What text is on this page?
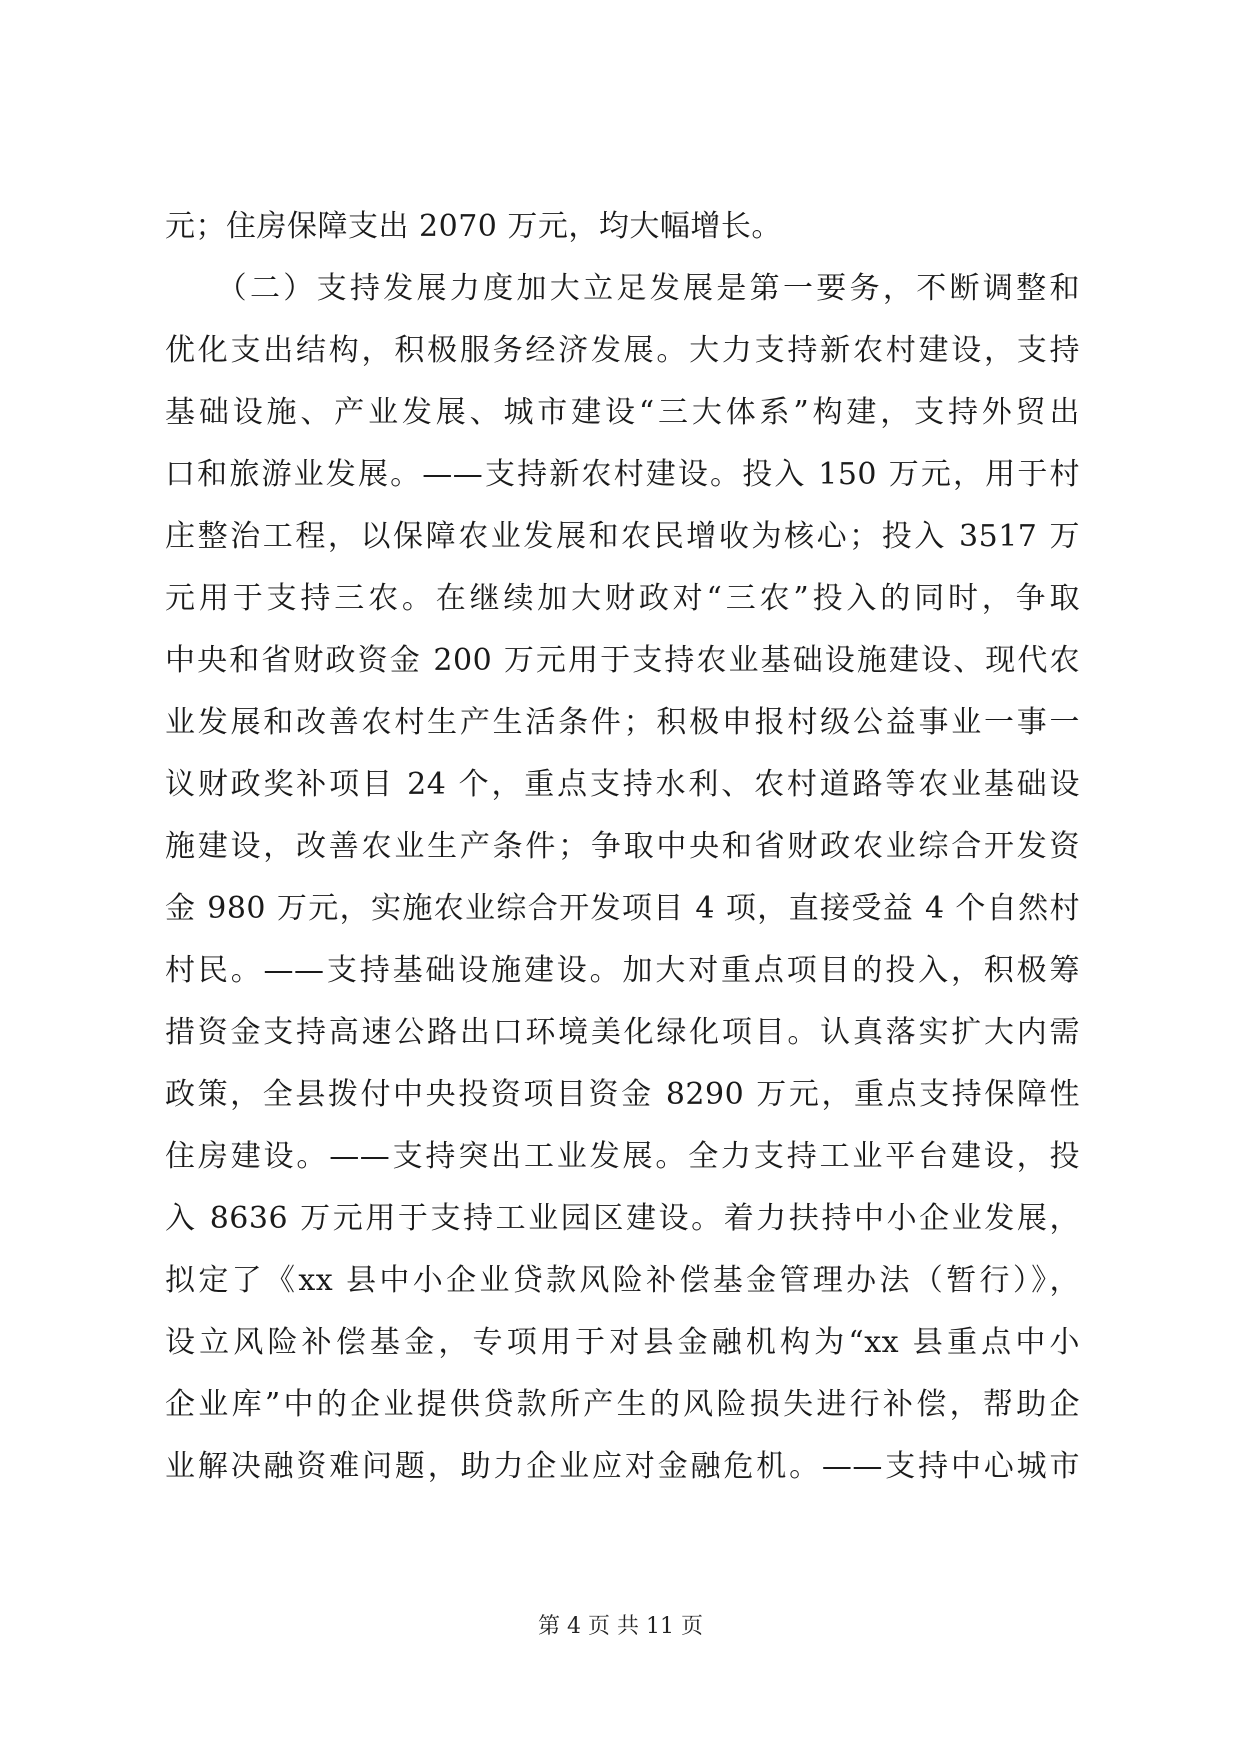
元；住房保障支出 2070 万元，均大幅增长。
　　（二）支持发展力度加大立足发展是第一要务，不断调整和
优化支出结构，积极服务经济发展。大力支持新农村建设，支持
基础设施、产业发展、城市建设“三大体系”构建，支持外贸出
口和旅游业发展。——支持新农村建设。投入 150 万元，用于村
庄整治工程，以保障农业发展和农民增收为核心；投入 3517 万
元用于支持三农。在继续加大财政对“三农”投入的同时，争取
中央和省财政资金 200 万元用于支持农业基础设施建设、现代农
业发展和改善农村生产生活条件；积极申报村级公益事业一事一
议财政奖补项目 24 个，重点支持水利、农村道路等农业基础设
施建设，改善农业生产条件；争取中央和省财政农业综合开发资
金 980 万元，实施农业综合开发项目 4 项，直接受益 4 个自然村
村民。——支持基础设施建设。加大对重点项目的投入，积极筹
措资金支持高速公路出口环境美化绿化项目。认真落实扩大内需
政策，全县拨付中央投资项目资金 8290 万元，重点支持保障性
住房建设。——支持突出工业发展。全力支持工业平台建设，投
入 8636 万元用于支持工业园区建设。着力扶持中小企业发展，
拟定了《xx 县中小企业贷款风险补偿基金管理办法（暂行）》，
设立风险补偿基金，专项用于对县金融机构为“xx 县重点中小
企业库”中的企业提供贷款所产生的风险损失进行补偿，帮助企
业解决融资难问题，助力企业应对金融危机。——支持中心城市
第 4 页 共 11 页
